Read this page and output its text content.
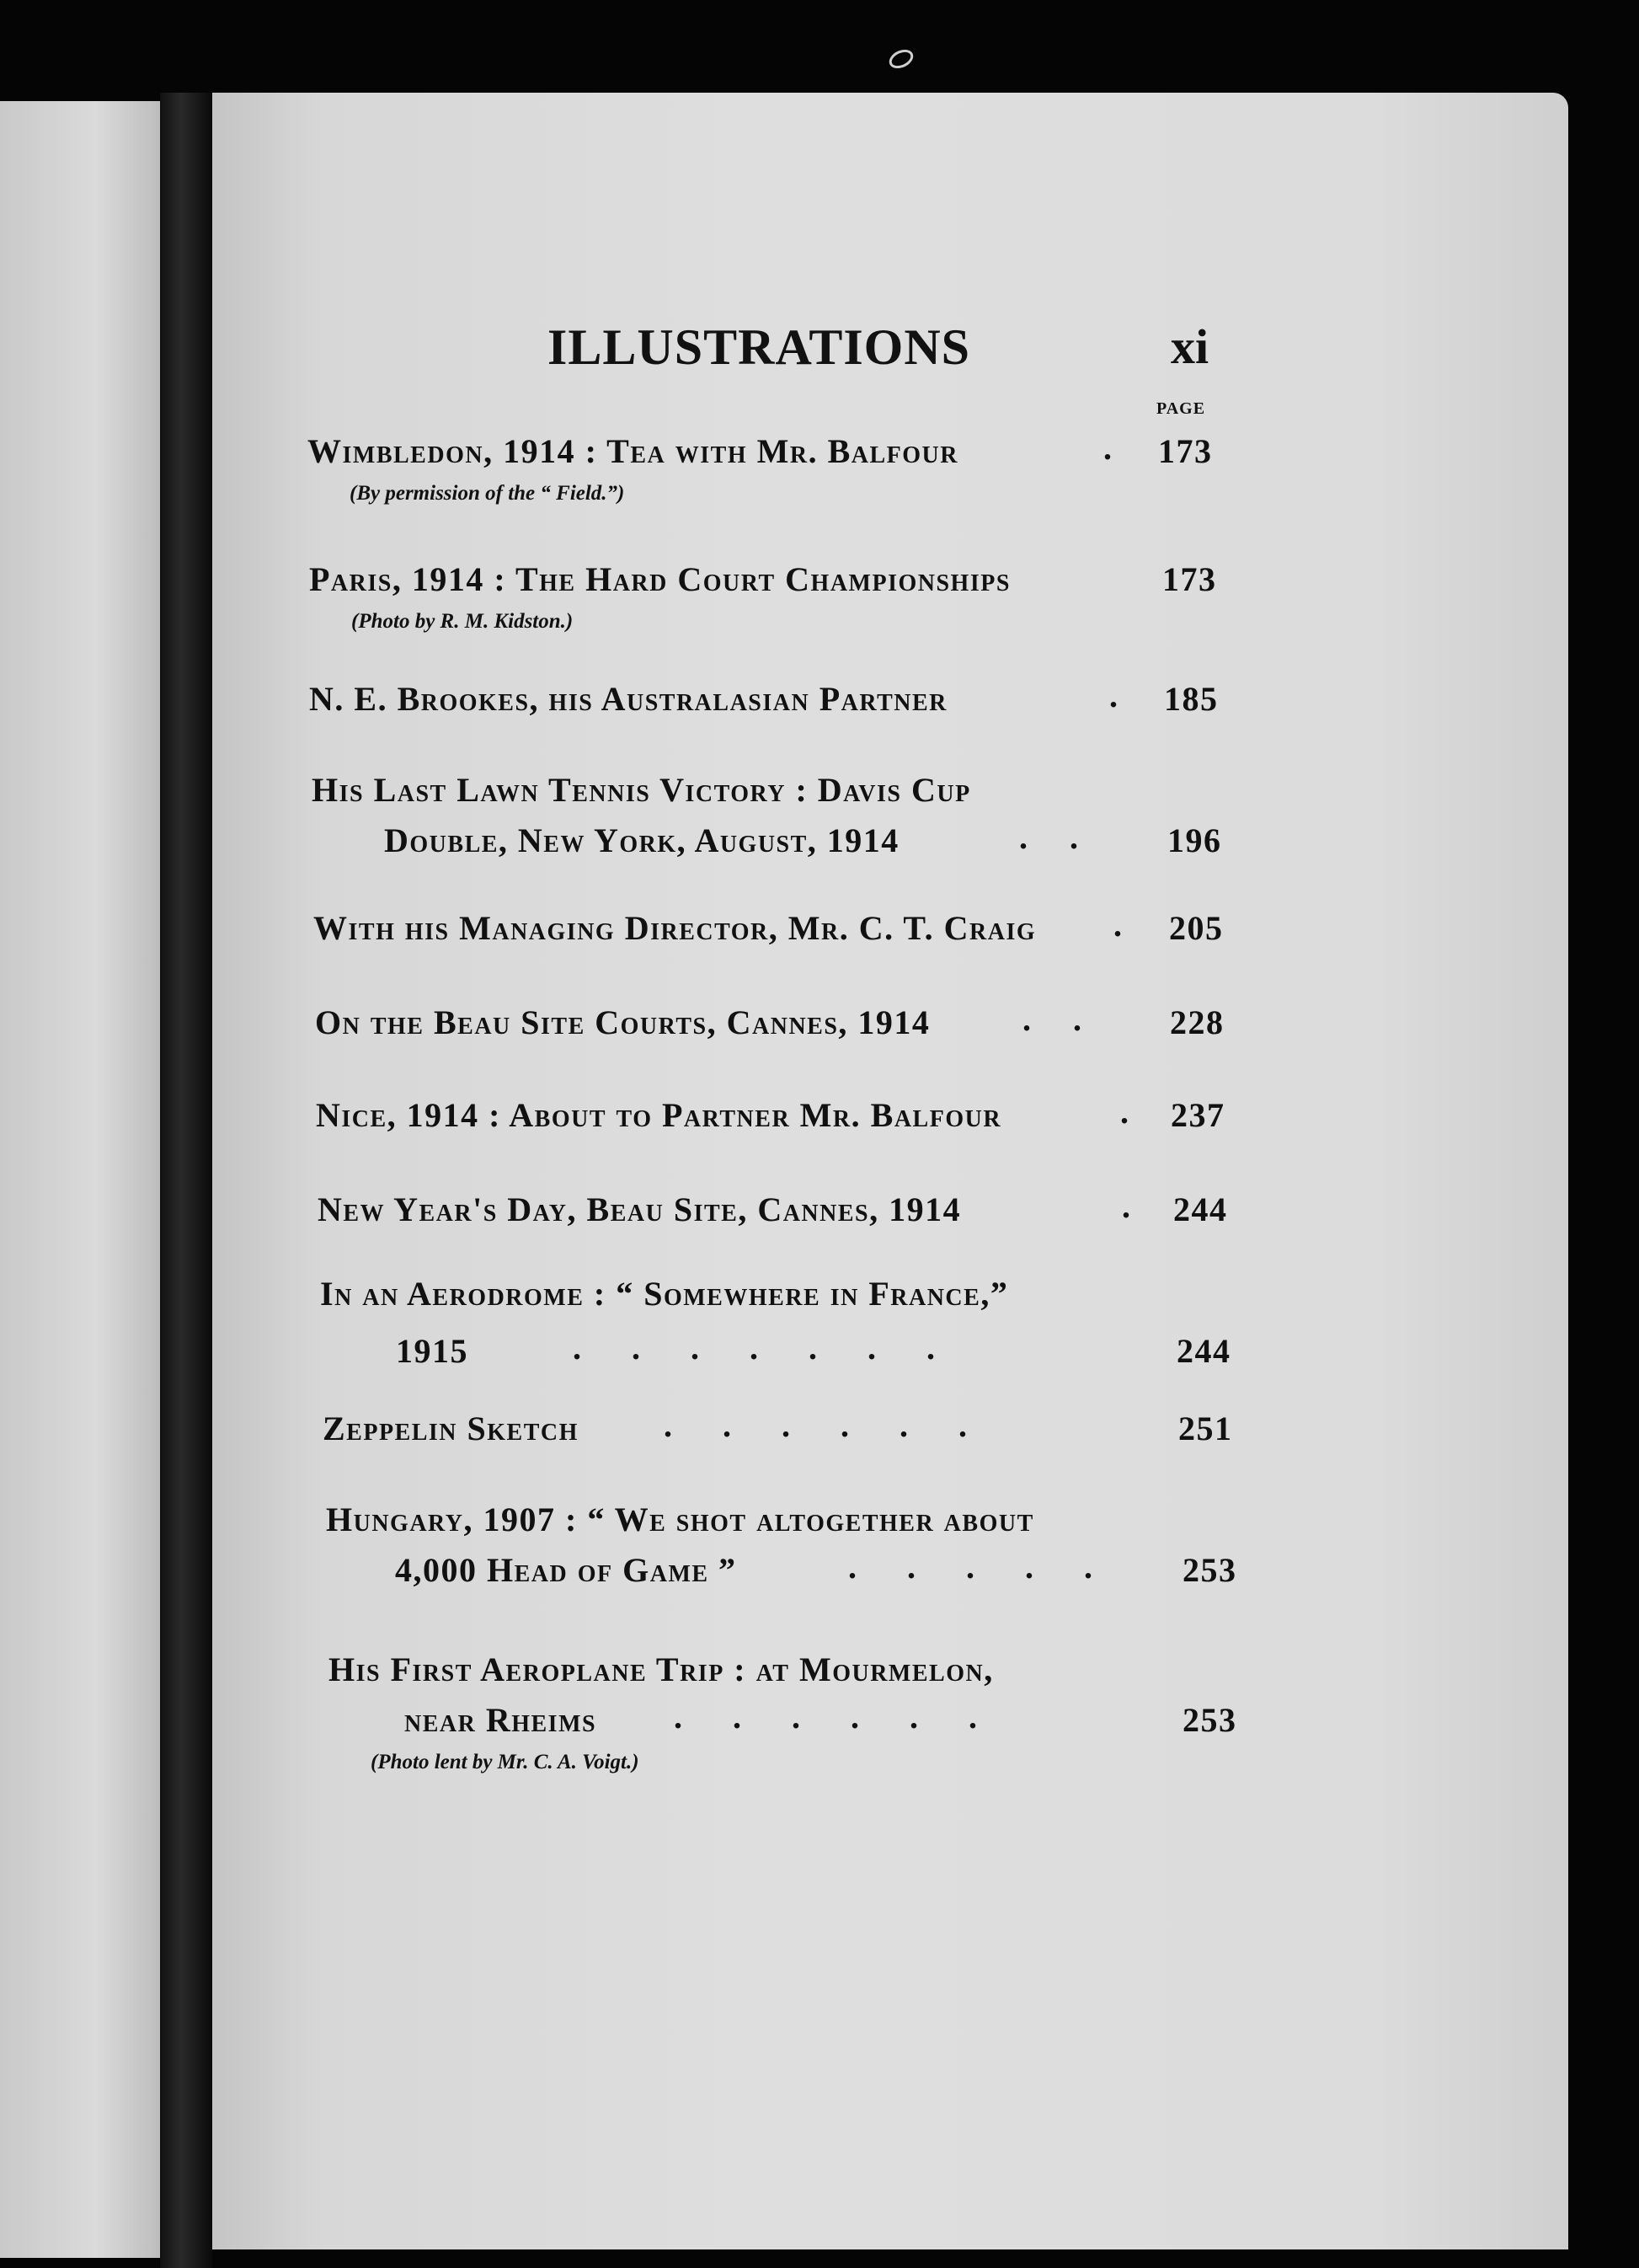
ILLUSTRATIONS	xi
PAGE
Wimbledon, 1914 : Tea with Mr. Balfour	. 173
(By permission of the “ Field.”)
Paris, 1914 : The Hard Court Championships	173
(Photo by R. M. Kidston.)
N. E. Brookes, his Australasian Partner	. 185
His Last Lawn Tennis Victory : Davis Cup
Double, New York, August, 1914	.     .	196
With his Managing Director, Mr. C. T. Craig . 205
On the Beau Site Courts, Cannes, 1914	.     .	228
Nice, 1914 : About to Partner Mr. Balfour	. 237
New Year's Day, Beau Site, Cannes, 1914	. 244
In an Aerodrome : “ Somewhere in France,”
1915	.      .      .      .      .      .      .	244
Zeppelin Sketch	.      .      .      .      .      .	251
Hungary, 1907 : “ We shot altogether about
4,000 Head of Game ”	.      .      .      .      .	253
His First Aeroplane Trip : at Mourmelon,
near Rheims .      .      .      .      .      .	253
(Photo lent by Mr. C. A. Voigt.)
